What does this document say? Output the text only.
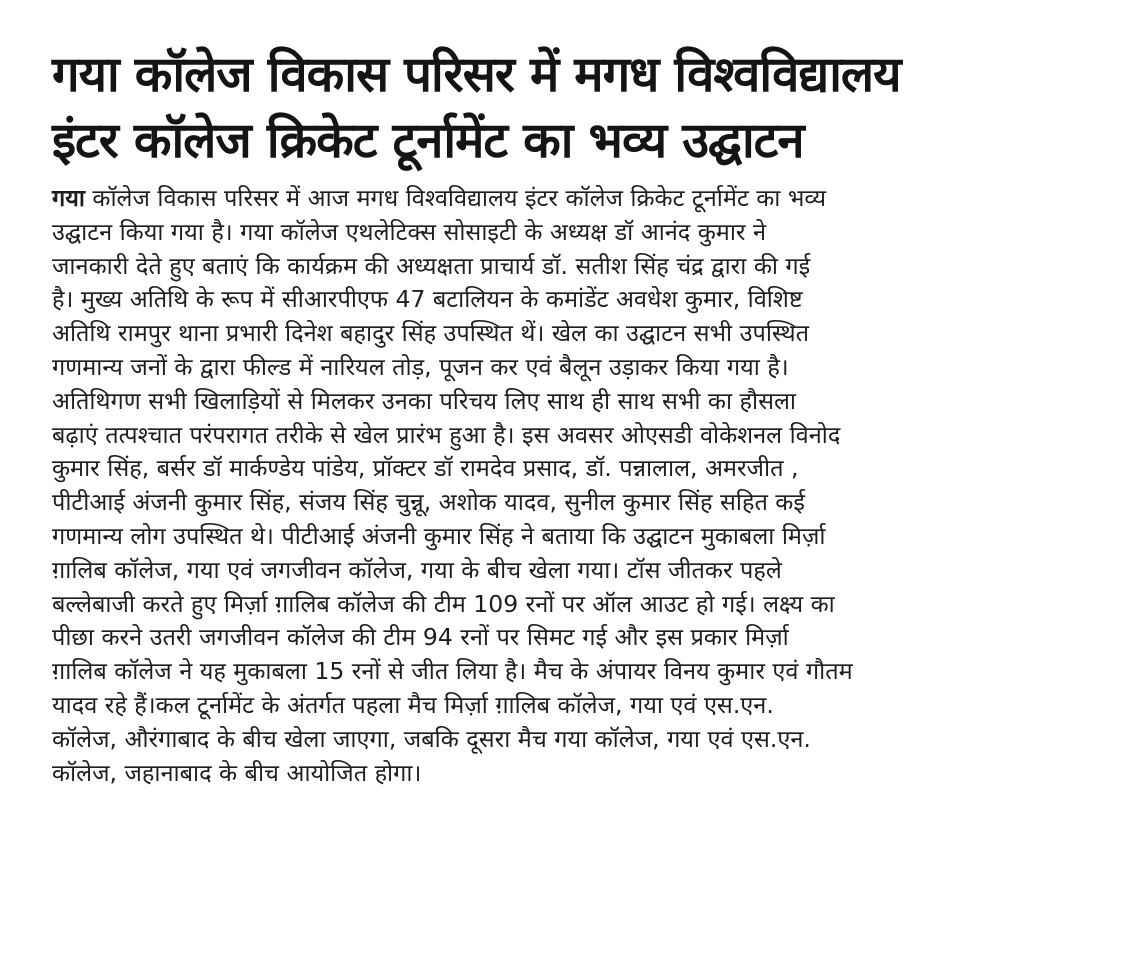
गया कॉलेज विकास परिसर में मगध विश्वविद्यालय
इंटर कॉलेज क्रिकेट टूर्नामेंट का भव्य उद्घाटन
गया कॉलेज विकास परिसर में आज मगध विश्वविद्यालय इंटर कॉलेज क्रिकेट टूर्नामेंट का भव्य
उद्घाटन किया गया है। गया कॉलेज एथलेटिक्स सोसाइटी के अध्यक्ष डॉ आनंद कुमार ने
जानकारी देते हुए बताएं कि कार्यक्रम की अध्यक्षता प्राचार्य डॉ. सतीश सिंह चंद्र द्वारा की गई
है। मुख्य अतिथि के रूप में सीआरपीएफ 47 बटालियन के कमांडेंट अवधेश कुमार, विशिष्ट
अतिथि रामपुर थाना प्रभारी दिनेश बहादुर सिंह उपस्थित थें। खेल का उद्घाटन सभी उपस्थित
गणमान्य जनों के द्वारा फील्ड में नारियल तोड़, पूजन कर एवं बैलून उड़ाकर किया गया है।
अतिथिगण सभी खिलाड़ियों से मिलकर उनका परिचय लिए साथ ही साथ सभी का हौसला
बढ़ाएं तत्पश्चात परंपरागत तरीके से खेल प्रारंभ हुआ है। इस अवसर ओएसडी वोकेशनल विनोद
कुमार सिंह, बर्सर डॉ मार्कण्डेय पांडेय, प्रॉक्टर डॉ रामदेव प्रसाद, डॉ. पन्नालाल, अमरजीत ,
पीटीआई अंजनी कुमार सिंह, संजय सिंह चुन्नू, अशोक यादव, सुनील कुमार सिंह सहित कई
गणमान्य लोग उपस्थित थे। पीटीआई अंजनी कुमार सिंह ने बताया कि उद्घाटन मुकाबला मिर्ज़ा
ग़ालिब कॉलेज, गया एवं जगजीवन कॉलेज, गया के बीच खेला गया। टॉस जीतकर पहले
बल्लेबाजी करते हुए मिर्ज़ा ग़ालिब कॉलेज की टीम 109 रनों पर ऑल आउट हो गई। लक्ष्य का
पीछा करने उतरी जगजीवन कॉलेज की टीम 94 रनों पर सिमट गई और इस प्रकार मिर्ज़ा
ग़ालिब कॉलेज ने यह मुकाबला 15 रनों से जीत लिया है। मैच के अंपायर विनय कुमार एवं गौतम
यादव रहे हैं।कल टूर्नामेंट के अंतर्गत पहला मैच मिर्ज़ा ग़ालिब कॉलेज, गया एवं एस.एन.
कॉलेज, औरंगाबाद के बीच खेला जाएगा, जबकि दूसरा मैच गया कॉलेज, गया एवं एस.एन.
कॉलेज, जहानाबाद के बीच आयोजित होगा।
